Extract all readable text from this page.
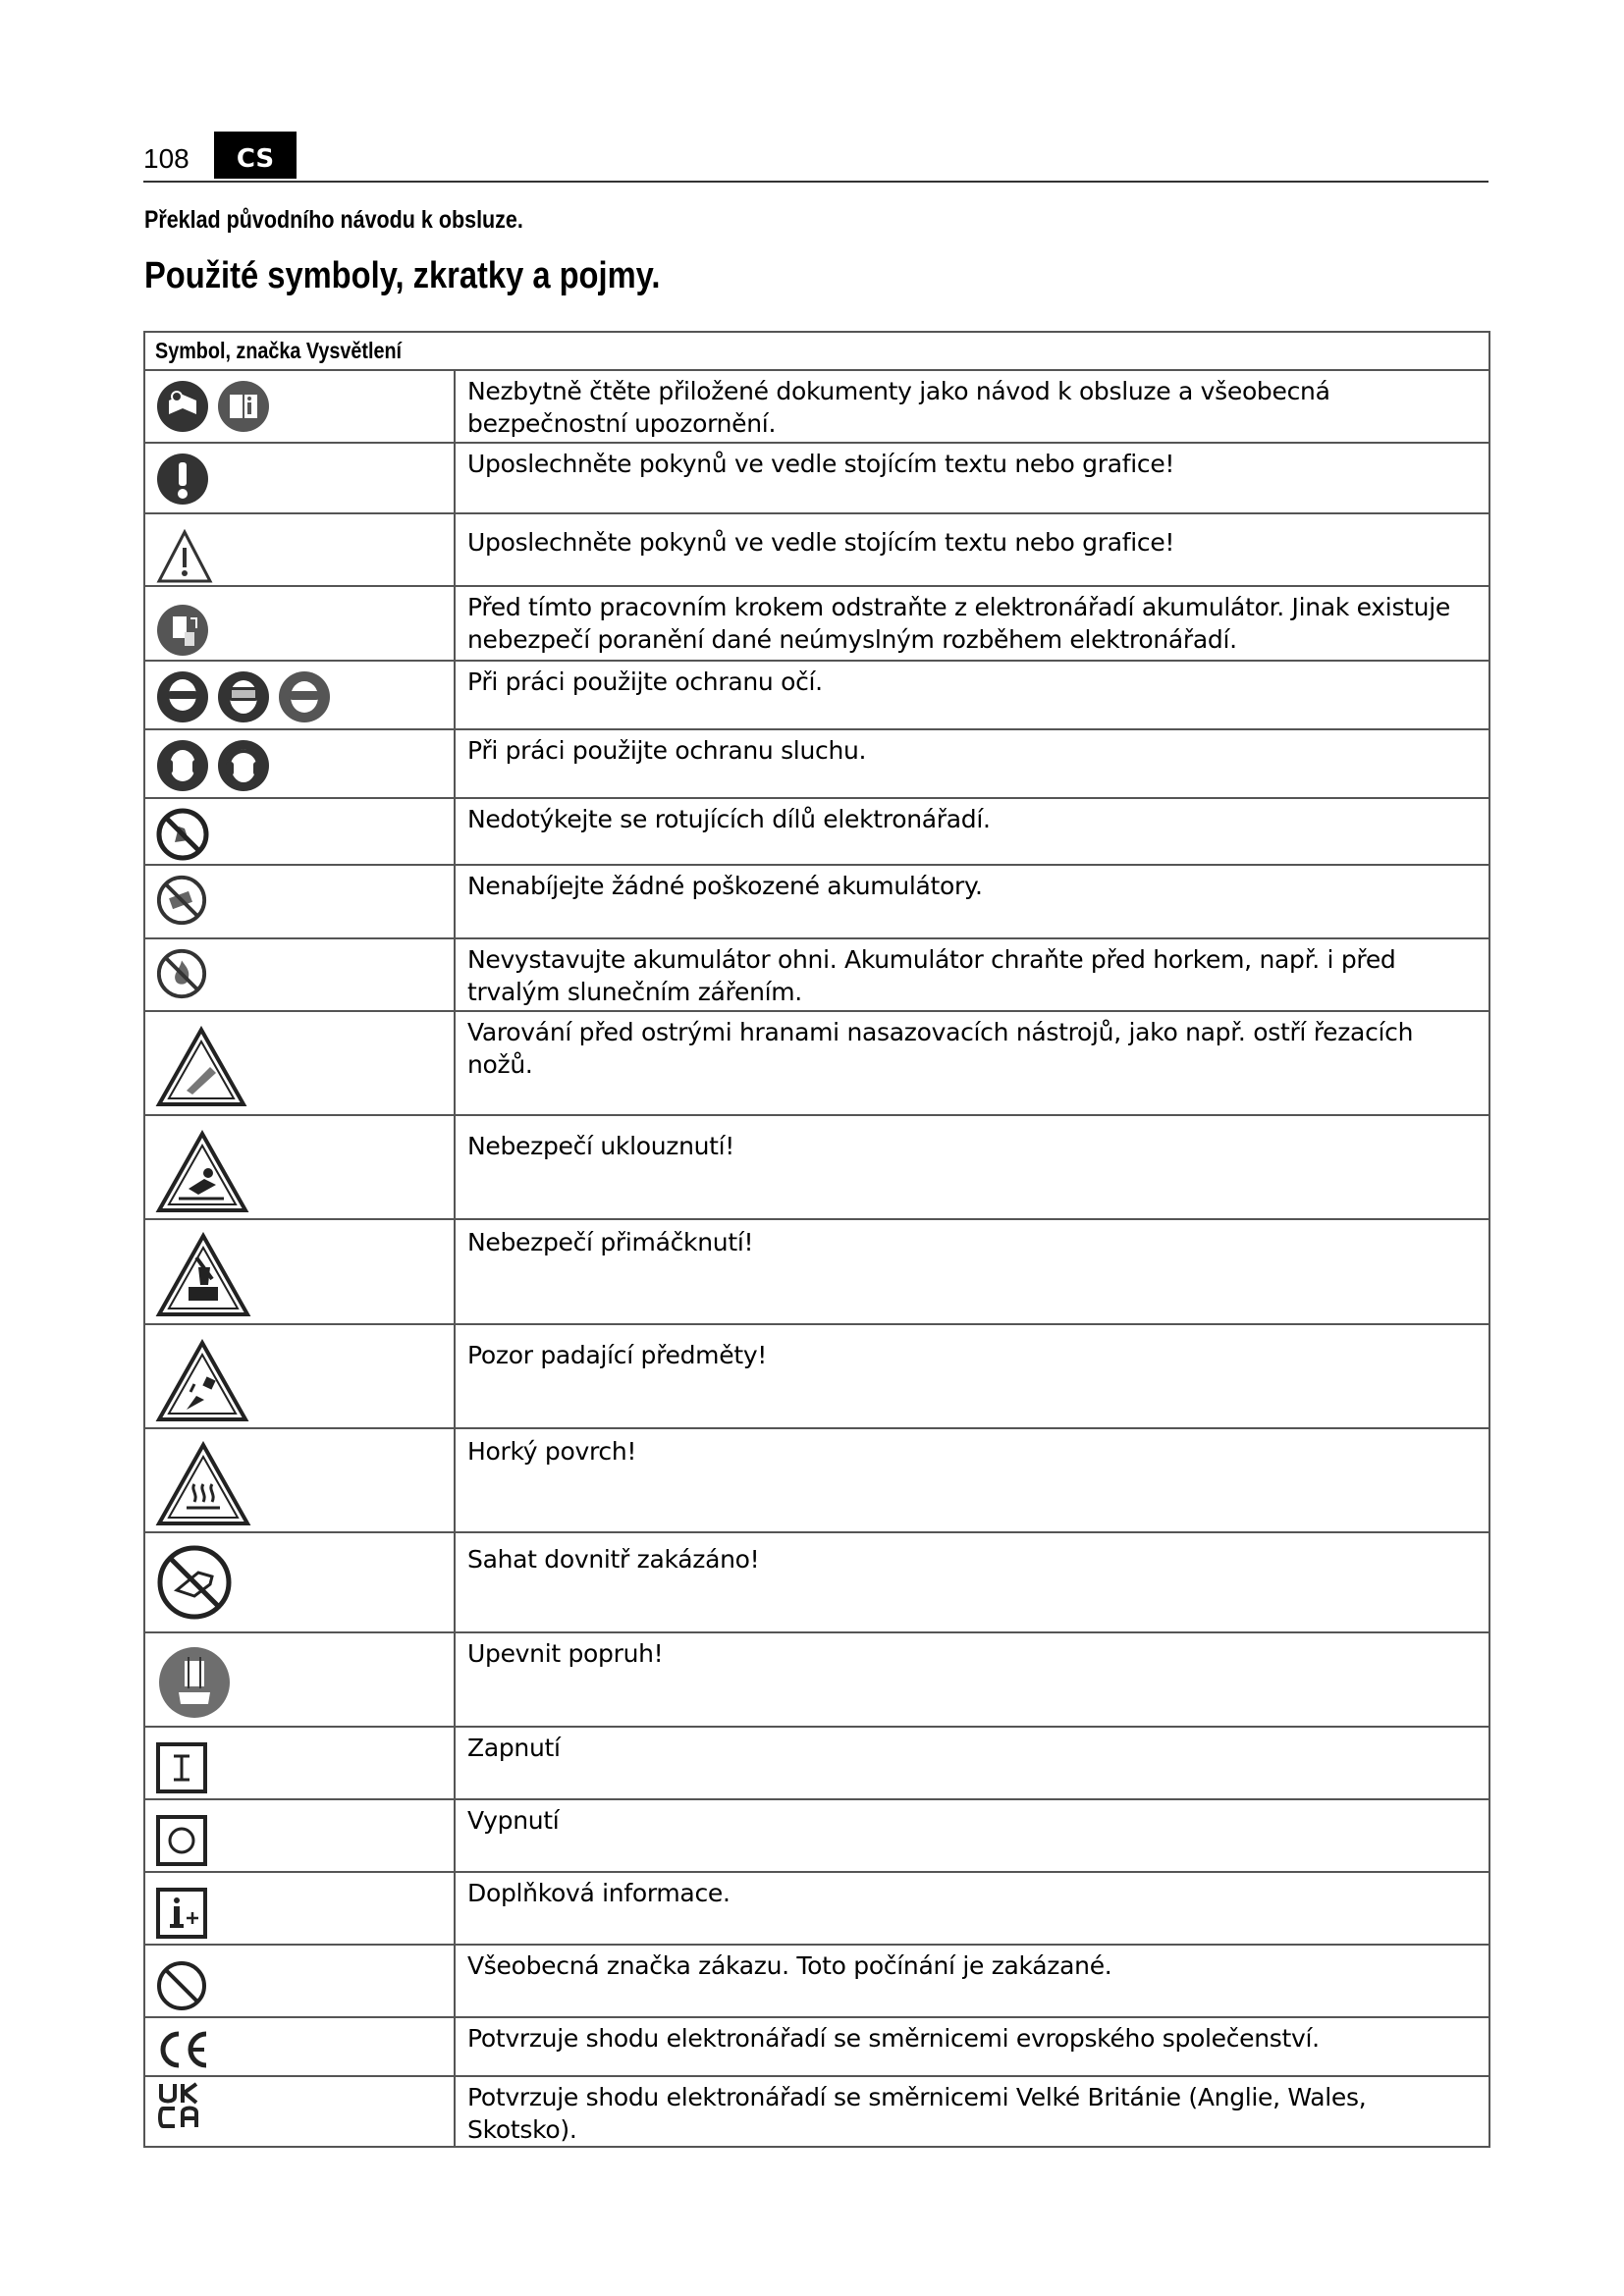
108	CS
Překlad původního návodu k obsluze.
Použité symboly, zkratky a pojmy.
Symbol, značka Vysvětlení	

	Nezbytně čtěte přiložené dokumenty jako návod k obsluze a všeobecná bezpečnostní upozornění.

	Uposlechněte pokynů ve vedle stojícím textu nebo grafice!

	Uposlechněte pokynů ve vedle stojícím textu nebo grafice!

	Před tímto pracovním krokem odstraňte z elektronářadí akumulátor. Jinak existuje nebezpečí poranění dané neúmyslným rozběhem elektronářadí.

	Při práci použijte ochranu očí.

	Při práci použijte ochranu sluchu.

	Nedotýkejte se rotujících dílů elektronářadí.

	Nenabíjejte žádné poškozené akumulátory.

	Nevystavujte akumulátor ohni. Akumulátor chraňte před horkem, např. i před trvalým slunečním zářením.

	Varování před ostrými hranami nasazovacích nástrojů, jako např. ostří řezacích nožů.

	Nebezpečí uklouznutí!

	Nebezpečí přimáčknutí!

	Pozor padající předměty!

	Horký povrch!

	Sahat dovnitř zakázáno!

	Upevnit popruh!

	Zapnutí

	Vypnutí

	Doplňková informace.

	Všeobecná značka zákazu. Toto počínání je zakázané.

	Potvrzuje shodu elektronářadí se směrnicemi evropského společenství.

	Potvrzuje shodu elektronářadí se směrnicemi Velké Británie (Anglie, Wales, Skotsko).
